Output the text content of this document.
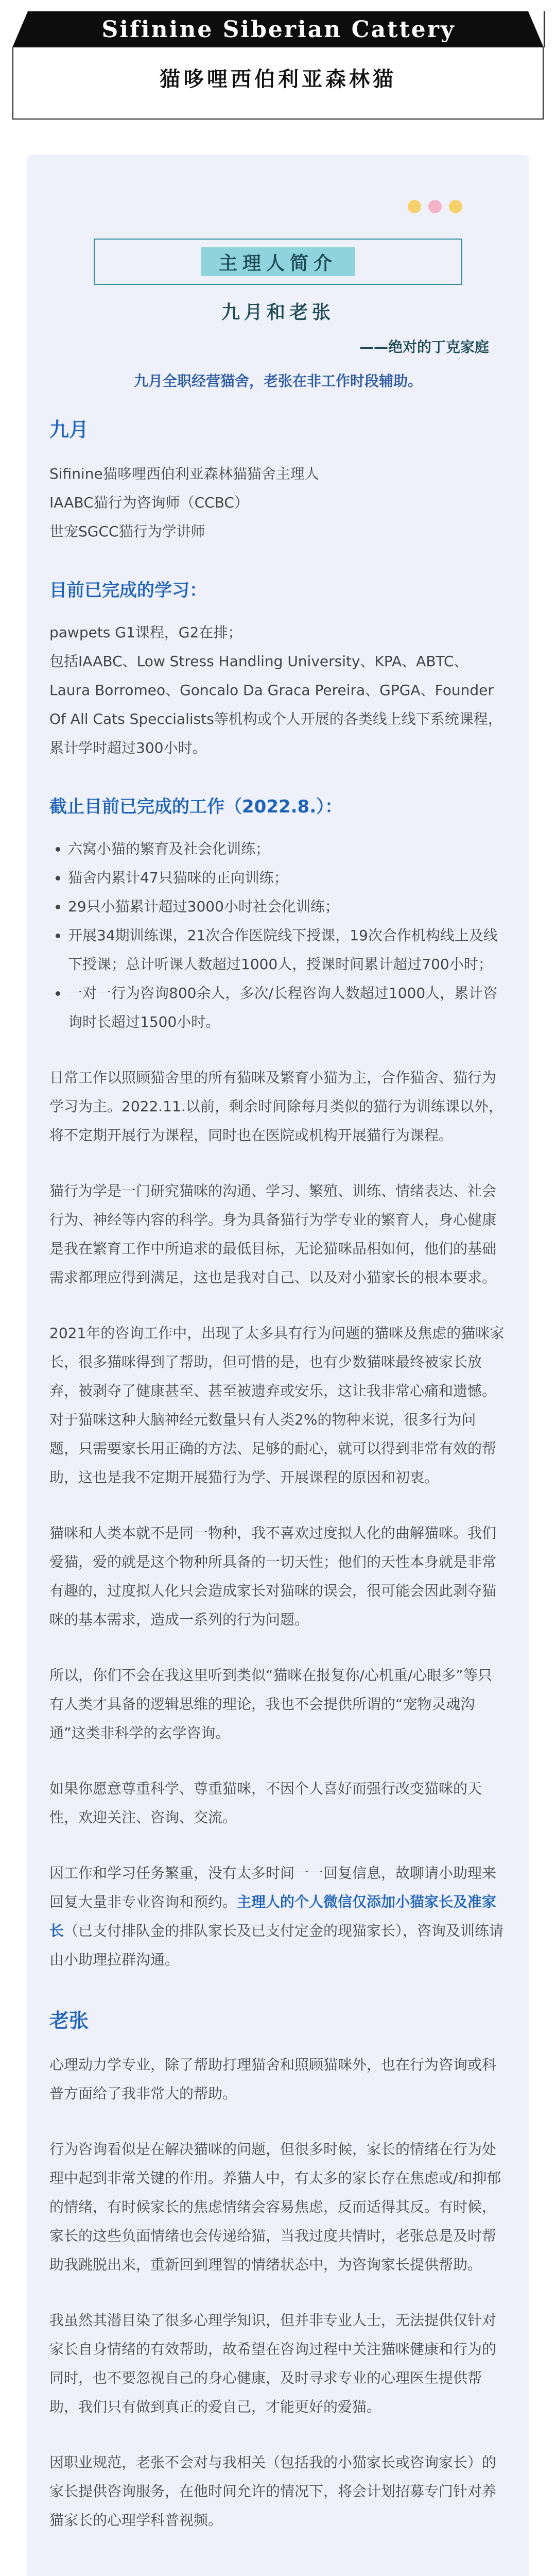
Sifinine Siberian Cattery
猫哆哩西伯利亚森林猫
主理人简介
九月和老张
——绝对的丁克家庭
九月全职经营猫舍，老张在非工作时段辅助。
九月

Sifinine猫哆哩西伯利亚森林猫猫舍主理人

IAABC猫行为咨询师（CCBC）

世宠SGCC猫行为学讲师

目前已完成的学习：

pawpets G1课程，G2在排；

包括IAABC、Low Stress Handling University、KPA、ABTC、Laura Borromeo、Goncalo Da Graca Pereira、GPGA、Founder Of All Cats Speccialists等机构或个人开展的各类线上线下系统课程，累计学时超过300小时。

截止目前已完成的工作（2022.8.）：
• 六窝小猫的繁育及社会化训练；
• 猫舍内累计47只猫咪的正向训练；
• 29只小猫累计超过3000小时社会化训练；
• 开展34期训练课，21次合作医院线下授课，19次合作机构线上及线下授课；总计听课人数超过1000人，授课时间累计超过700小时；
• 一对一行为咨询800余人，多次/长程咨询人数超过1000人，累计咨询时长超过1500小时。

日常工作以照顾猫舍里的所有猫咪及繁育小猫为主，合作猫舍、猫行为学习为主。2022.11.以前，剩余时间除每月类似的猫行为训练课以外，将不定期开展行为课程，同时也在医院或机构开展猫行为课程。

猫行为学是一门研究猫咪的沟通、学习、繁殖、训练、情绪表达、社会行为、神经等内容的科学。身为具备猫行为学专业的繁育人，身心健康是我在繁育工作中所追求的最低目标，无论猫咪品相如何，他们的基础需求都理应得到满足，这也是我对自己、以及对小猫家长的根本要求。

2021年的咨询工作中，出现了太多具有行为问题的猫咪及焦虑的猫咪家长，很多猫咪得到了帮助，但可惜的是，也有少数猫咪最终被家长放弃，被剥夺了健康甚至、甚至被遗弃或安乐，这让我非常心痛和遗憾。对于猫咪这种大脑神经元数量只有人类2%的物种来说，很多行为问题，只需要家长用正确的方法、足够的耐心，就可以得到非常有效的帮助，这也是我不定期开展猫行为学、开展课程的原因和初衷。

猫咪和人类本就不是同一物种，我不喜欢过度拟人化的曲解猫咪。我们爱猫，爱的就是这个物种所具备的一切天性；他们的天性本身就是非常有趣的，过度拟人化只会造成家长对猫咪的误会，很可能会因此剥夺猫咪的基本需求，造成一系列的行为问题。

所以，你们不会在我这里听到类似“猫咪在报复你/心机重/心眼多”等只有人类才具备的逻辑思维的理论，我也不会提供所谓的“宠物灵魂沟通”这类非科学的玄学咨询。

如果你愿意尊重科学、尊重猫咪，不因个人喜好而强行改变猫咪的天性，欢迎关注、咨询、交流。

因工作和学习任务繁重，没有太多时间一一回复信息，故聊请小助理来回复大量非专业咨询和预约。主理人的个人微信仅添加小猫家长及准家长（已支付排队金的排队家长及已支付定金的现猫家长），咨询及训练请由小助理拉群沟通。

老张

心理动力学专业，除了帮助打理猫舍和照顾猫咪外，也在行为咨询或科普方面给了我非常大的帮助。

行为咨询看似是在解决猫咪的问题，但很多时候，家长的情绪在行为处理中起到非常关键的作用。养猫人中，有太多的家长存在焦虑或/和抑郁的情绪，有时候家长的焦虑情绪会容易焦虑，反而适得其反。有时候，家长的这些负面情绪也会传递给猫，当我过度共情时，老张总是及时帮助我跳脱出来，重新回到理智的情绪状态中，为咨询家长提供帮助。

我虽然其潜目染了很多心理学知识，但并非专业人士，无法提供仅针对家长自身情绪的有效帮助，故希望在咨询过程中关注猫咪健康和行为的同时，也不要忽视自己的身心健康，及时寻求专业的心理医生提供帮助，我们只有做到真正的爱自己，才能更好的爱猫。

因职业规范，老张不会对与我相关（包括我的小猫家长或咨询家长）的家长提供咨询服务，在他时间允许的情况下，将会计划招募专门针对养猫家长的心理学科普视频。
